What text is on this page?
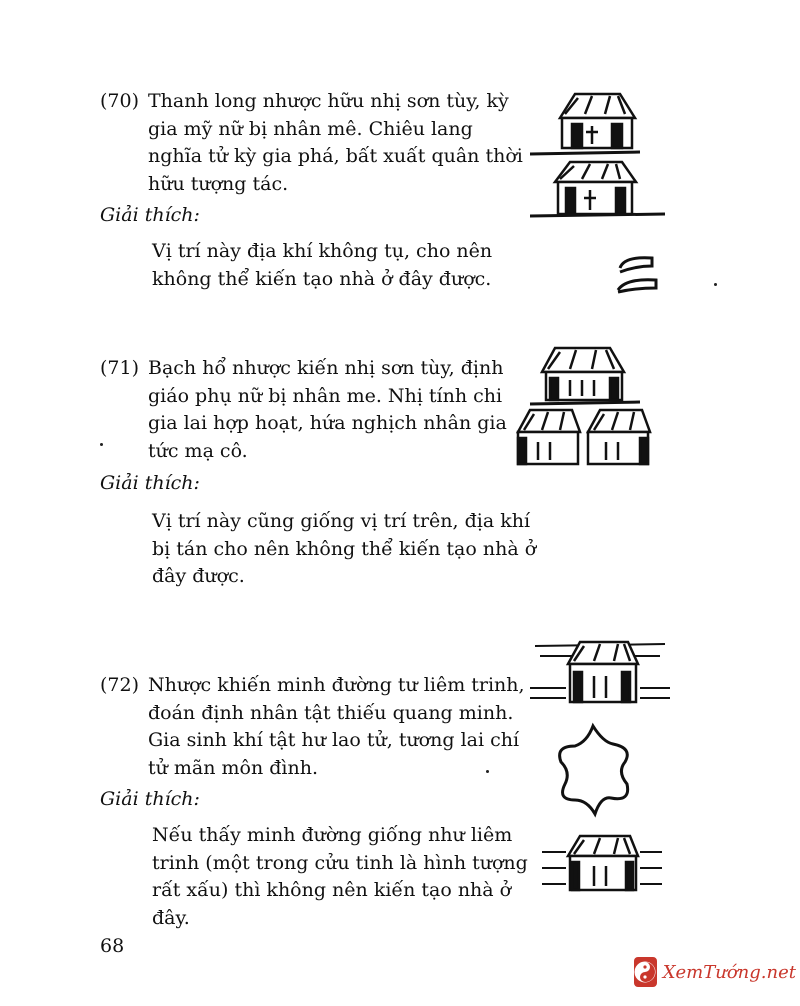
(70) Thanh long nhược hữu nhị sơn tùy, kỳ
gia mỹ nữ bị nhân mê. Chiêu lang
nghĩa tử kỳ gia phá, bất xuất quân thời
hữu tượng tác.
Giải thích:
Vị trí này địa khí không tụ, cho nên
không thể kiến tạo nhà ở đây được.
(71) Bạch hổ nhược kiến nhị sơn tùy, định
giáo phụ nữ bị nhân me. Nhị tính chi
gia lai hợp hoạt, hứa nghịch nhân gia
tức mạ cô.
Giải thích:
Vị trí này cũng giống vị trí trên, địa khí
bị tán cho nên không thể kiến tạo nhà ở
đây được.
(72) Nhược khiến minh đường tư liêm trinh,
đoán định nhân tật thiếu quang minh.
Gia sinh khí tật hư lao tử, tương lai chí
tử mãn môn đình.
Giải thích:
Nếu thấy minh đường giống như liêm
trinh (một trong cửu tinh là hình tượng
rất xấu) thì không nên kiến tạo nhà ở
đây.
68
XemTướng.net
